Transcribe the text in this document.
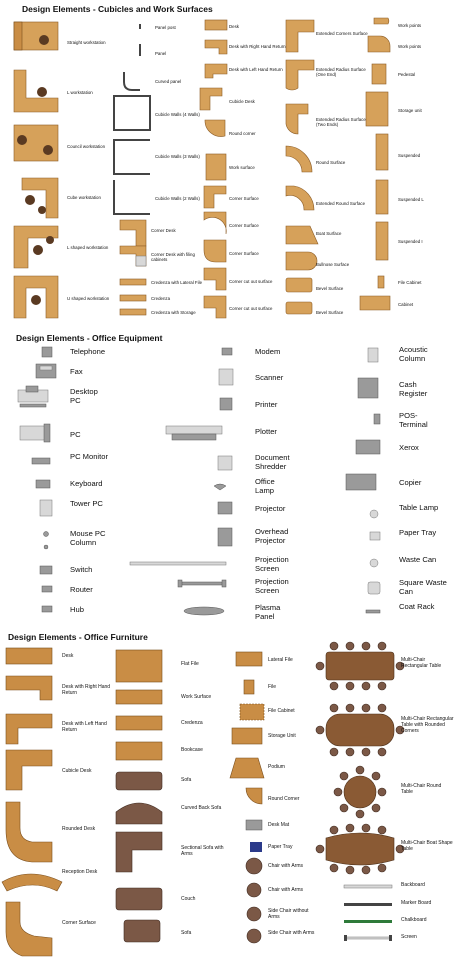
Design Elements - Cubicles and Work Surfaces
Straight workstation
L workstation
Council workstation
Cube workstation
L shaped workstation
U shaped workstation
Panel post
Panel
Curved panel
Cubicle Walls (4 Walls)
Cubicle Walls (3 Walls)
Cubicle Walls (2 Walls)
Corner Desk
Corner Desk with filing cabinets
Credenza with Lateral File
Credenza
Credenza with Storage
Desk
Desk with Right Hand Return
Desk with Left Hand Return
Cubicle Desk
Round corner
Work surface
Corner Surface
Corner Surface
Corner Surface
Corner cut out surface
Corner cut out surface
Extended Corners Surface
Extended Radius Surface (One End)
Extended Radius Surface (Two Ends)
Round Surface
Extended Round Surface
Boat Surface
Bullnose Surface
Bevel Surface
Bevel Surface
Work points
Work points
Pedestal
Storage unit
Suspended
Suspended L
Suspended I
File Cabinet
Cabinet
Design Elements - Office Equipment
Telephone
Fax
Desktop PC
PC
PC Monitor
Keyboard
Tower PC
Mouse PC Column
Switch
Router
Hub
Modem
Scanner
Printer
Plotter
Document Shredder
Office Lamp
Projector
Overhead Projector
Projection Screen
Projection Screen
Plasma Panel
Acoustic Column
Cash Register
POS-Terminal
Xerox
Copier
Table Lamp
Paper Tray
Waste Can
Square Waste Can
Coat Rack
Design Elements - Office Furniture
Desk
Desk with Right Hand Return
Desk with Left Hand Return
Cubicle Desk
Rounded Desk
Reception Desk
Corner Surface
Flat File
Work Surface
Credenza
Bookcase
Sofa
Curved Back Sofa
Sectional Sofa with Arms
Couch
Sofa
Lateral File
File
File Cabinet
Storage Unit
Podium
Round Corner
Desk Mat
Paper Tray
Chair with Arms
Chair with Arms
Side Chair without Arms
Side Chair with Arms
Multi-Chair Rectangular Table
Multi-Chair Rectangular Table with Rounded Corners
Multi-Chair Round Table
Multi-Chair Boat Shape Table
Backboard
Marker Board
Chalkboard
Screen
